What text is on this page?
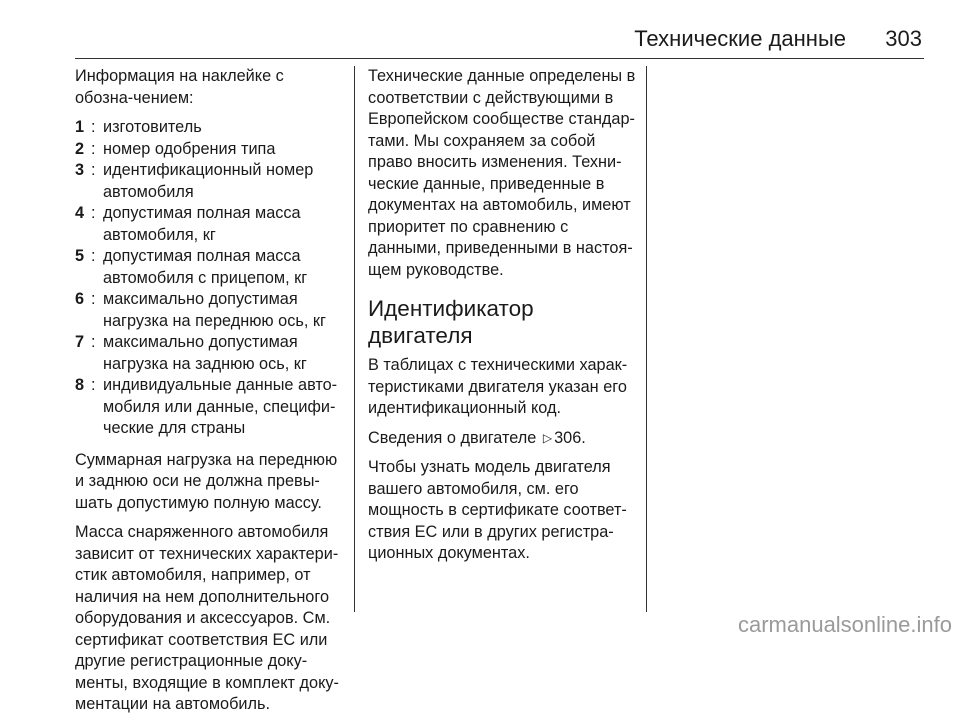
Технические данные 303

Информация на наклейке с обозна-чением:

1 : изготовитель
2 : номер одобрения типа
3 : идентификационный номер автомобиля
4 : допустимая полная масса автомобиля, кг
5 : допустимая полная масса автомобиля с прицепом, кг
6 : максимально допустимая нагрузка на переднюю ось, кг
7 : максимально допустимая нагрузка на заднюю ось, кг
8 : индивидуальные данные авто-мобиля или данные, специфи-ческие для страны

Суммарная нагрузка на переднюю и заднюю оси не должна превы-шать допустимую полную массу.

Масса снаряженного автомобиля зависит от технических характери-стик автомобиля, например, от наличия на нем дополнительного оборудования и аксессуаров. См. сертификат соответствия ЕС или другие регистрационные доку-менты, входящие в комплект доку-ментации на автомобиль.

Технические данные определены в соответствии с действующими в Европейском сообществе стандар-тами. Мы сохраняем за собой право вносить изменения. Техни-ческие данные, приведенные в документах на автомобиль, имеют приоритет по сравнению с данными, приведенными в настоя-щем руководстве.

Идентификатор двигателя

В таблицах с техническими харак-теристиками двигателя указан его идентификационный код.

Сведения о двигателе ▷ 306.

Чтобы узнать модель двигателя вашего автомобиля, см. его мощность в сертификате соответ-ствия ЕС или в других регистра-ционных документах.

carmanualsonline.info
